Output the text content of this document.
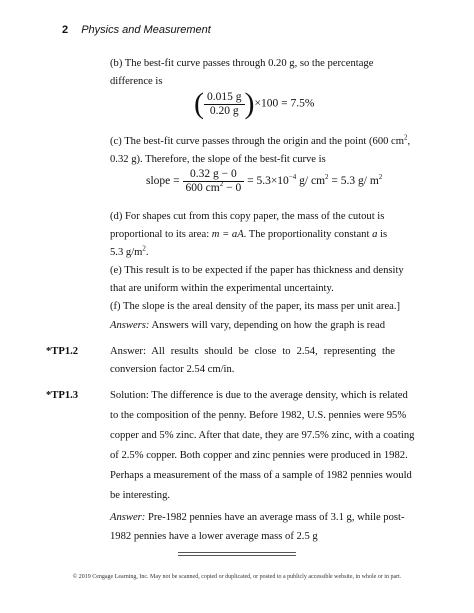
2 Physics and Measurement
(b) The best-fit curve passes through 0.20 g, so the percentage
difference is
( $\frac{0.015 g}{0.20 g} )\times 100 = 7.5\%$
(c) The best-fit curve passes through the origin and the point (600 $cm^2$,
0.32 g). Therefore, the slope of the best-fit curve is
slope = $\frac{0.32 g - 0}{600 cm^2 - 0} = 5.3\times 10^{-4}$ g/ $cm^2 = 5.3$ g/ $m^2$
(d) For shapes cut from this copy paper, the mass of the cutout is
proportional to its area: m = aA. The proportionality constant a is
5.3 $g/m^2$.
(e) This result is to be expected if the paper has thickness and density
that are uniform within the experimental uncertainty.
(f) The slope is the areal density of the paper, its mass per unit area.]
Answers: Answers will vary, depending on how the graph is read
*TP1.2	Answer: All results should be close to 2.54, representing the
conversion factor 2.54 cm/in.
*TP1.3	Solution: The difference is due to the average density, which is related
to the composition of the penny. Before 1982, U.S. pennies were 95%
copper and 5% zinc. After that date, they are 97.5% zinc, with a coating
of 2.5% copper. Both copper and zinc pennies were produced in 1982.
Perhaps a measurement of the mass of a sample of 1982 pennies would
be interesting.
Answer: Pre-1982 pennies have an average mass of 3.1 g, while post-
1982 pennies have a lower average mass of 2.5 g
© 2019 Cengage Learning, Inc. May not be scanned, copied or duplicated, or posted to a publicly accessible website, in whole or in part.
